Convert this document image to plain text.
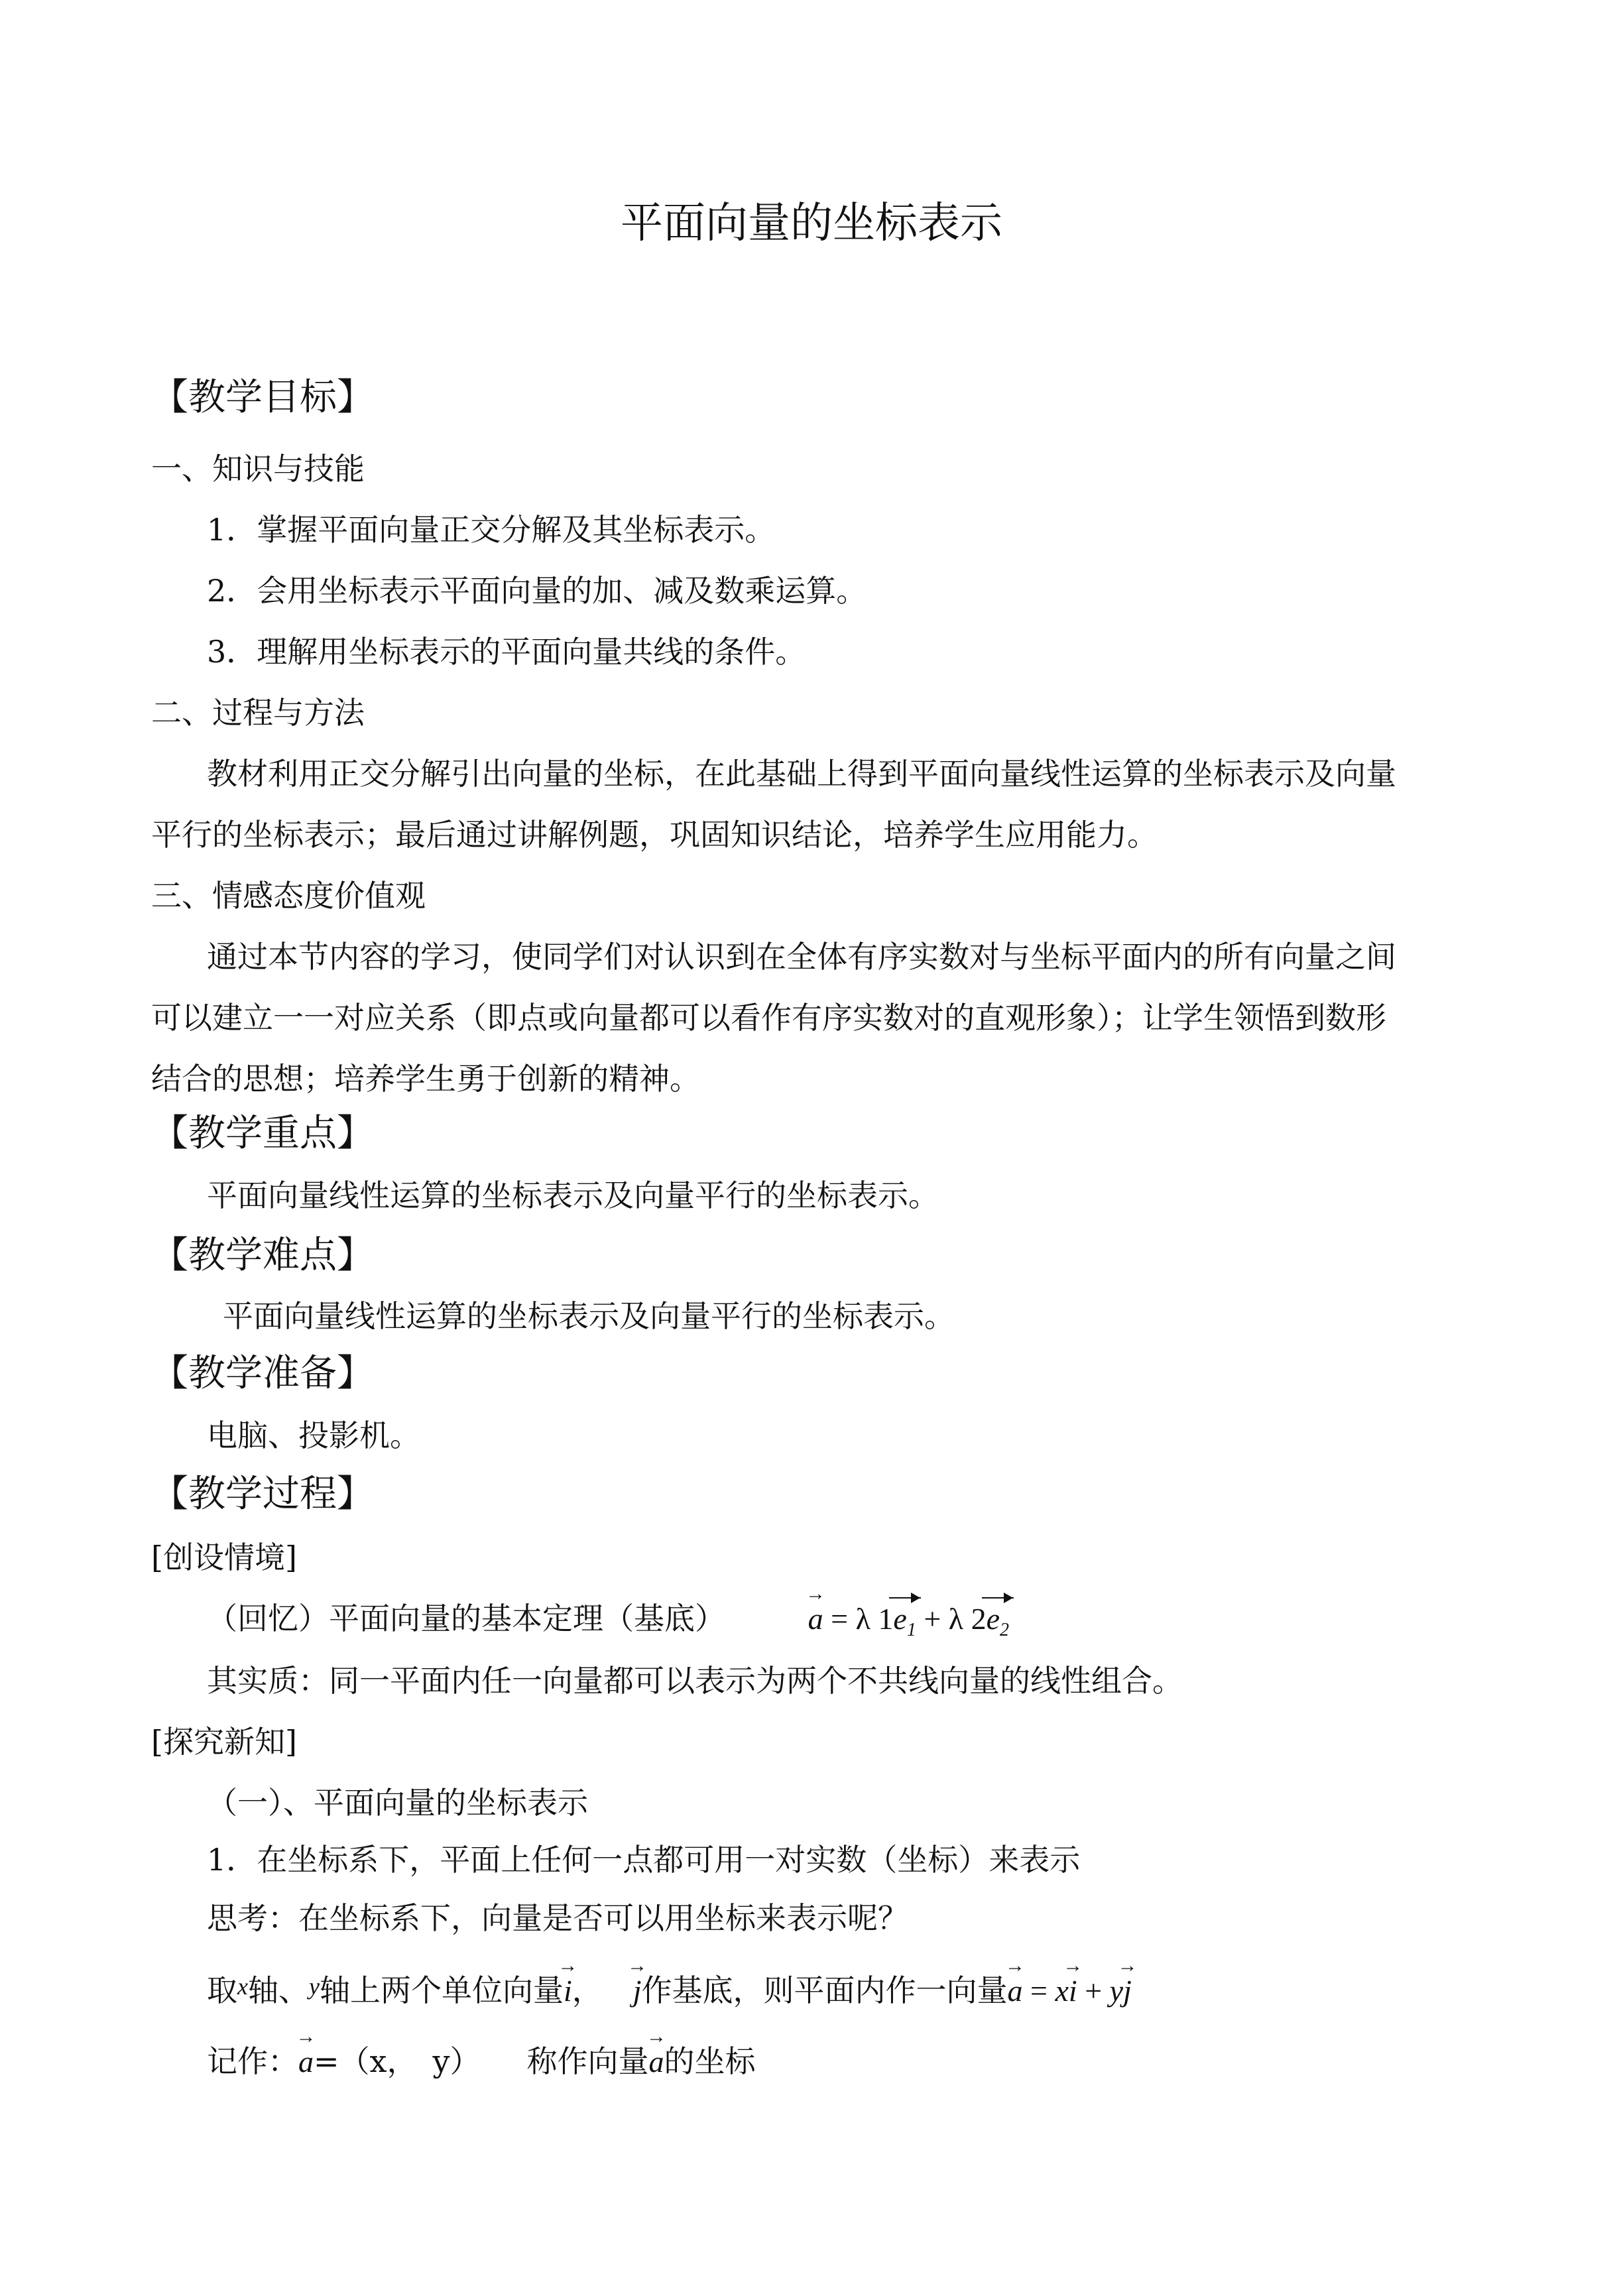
平面向量的坐标表示
【教学目标】
一、知识与技能
1．掌握平面向量正交分解及其坐标表示。
2．会用坐标表示平面向量的加、减及数乘运算。
3．理解用坐标表示的平面向量共线的条件。
二、过程与方法
教材利用正交分解引出向量的坐标，在此基础上得到平面向量线性运算的坐标表示及向量
平行的坐标表示；最后通过讲解例题，巩固知识结论，培养学生应用能力。
三、情感态度价值观
通过本节内容的学习，使同学们对认识到在全体有序实数对与坐标平面内的所有向量之间
可以建立一一对应关系（即点或向量都可以看作有序实数对的直观形象）；让学生领悟到数形
结合的思想；培养学生勇于创新的精神。
【教学重点】
平面向量线性运算的坐标表示及向量平行的坐标表示。
【教学难点】
平面向量线性运算的坐标表示及向量平行的坐标表示。
【教学准备】
电脑、投影机。
【教学过程】
[创设情境]
（回忆）平面向量的基本定理（基底）	→ a = λ $1e_1 + \lambda$ $2e_2$
其实质：同一平面内任一向量都可以表示为两个不共线向量的线性组合。
[探究新知]
（一）、平面向量的坐标表示
1．在坐标系下，平面上任何一点都可用一对实数（坐标）来表示
思考：在坐标系下，向量是否可以用坐标来表示呢？
取$^x$轴、$^y$轴上两个单位向量→ i， → j作基底，则平面内作一向量→ a = x→ i + y→ j
记作：→ a=（x，　y） 称作向量→ a的坐标
